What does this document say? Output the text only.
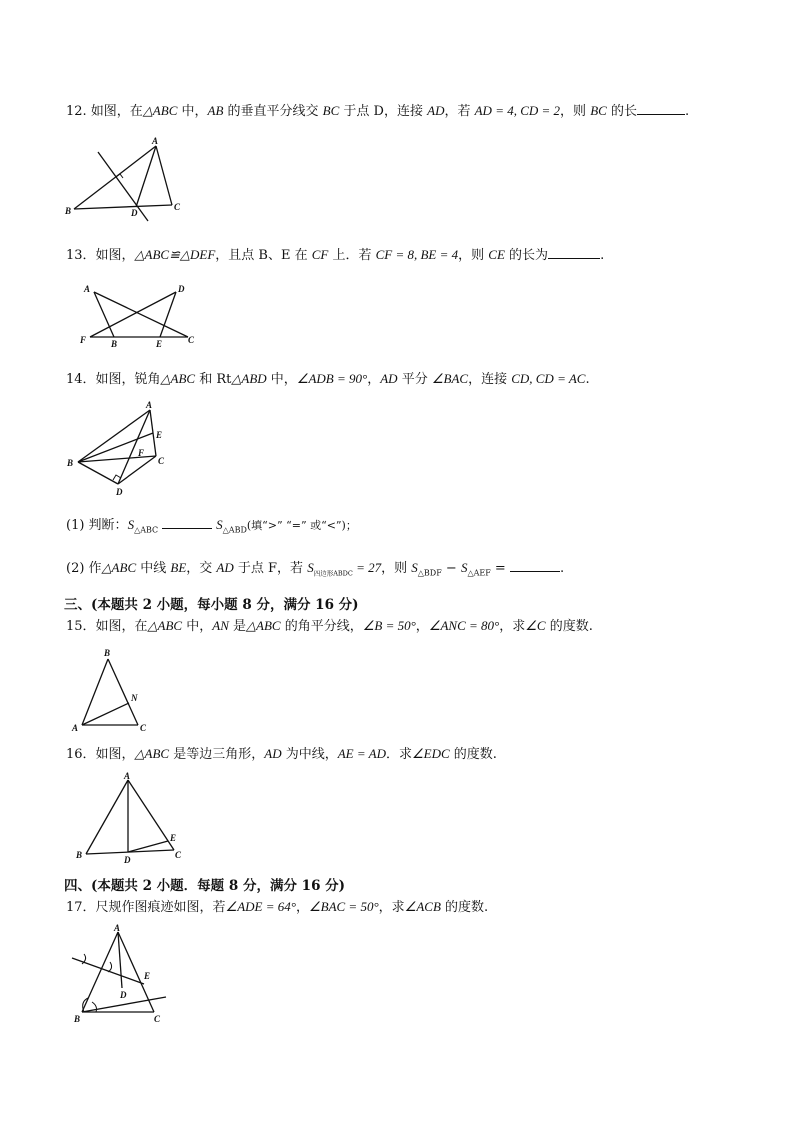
12. 如图，在△ABC 中，AB 的垂直平分线交 BC 于点 D，连接 AD，若 AD = 4, CD = 2，则 BC 的长	.
A
B	C
D
13．如图，△ABC≌△DEF，且点 B、E 在 CF 上．若 CF = 8, BE = 4，则 CE 的长为	.
A	D
F	B	E	C
14．如图，锐角△ABC 和 Rt△ABD 中，∠ADB = 90°，AD 平分 ∠BAC，连接 CD, CD = AC.
A
E
F
B	C
D
(1) 判断：$S_{\triangle ABC}$	$S_{\triangle ABD}$(填“>” “=” 或“<”)；
(2) 作△ABC 中线 BE，交 AD 于点 F，若 $S_{四边形ABDC} = 27$，则 $S_{\triangle BDF} - S_{\triangle AEF}$ =	.
三、(本题共 2 小题，每小题 8 分，满分 16 分)
15．如图，在△ABC 中，AN 是△ABC 的角平分线，∠B = 50°，∠ANC = 80°，求∠C 的度数.
B
N
A	C
16．如图，△ABC 是等边三角形，AD 为中线，AE = AD．求∠EDC 的度数.
A
E
B	C
D
四、(本题共 2 小题．每题 8 分，满分 16 分)
17．尺规作图痕迹如图，若∠ADE = 64°，∠BAC = 50°，求∠ACB 的度数.
A
E
D
B	C
